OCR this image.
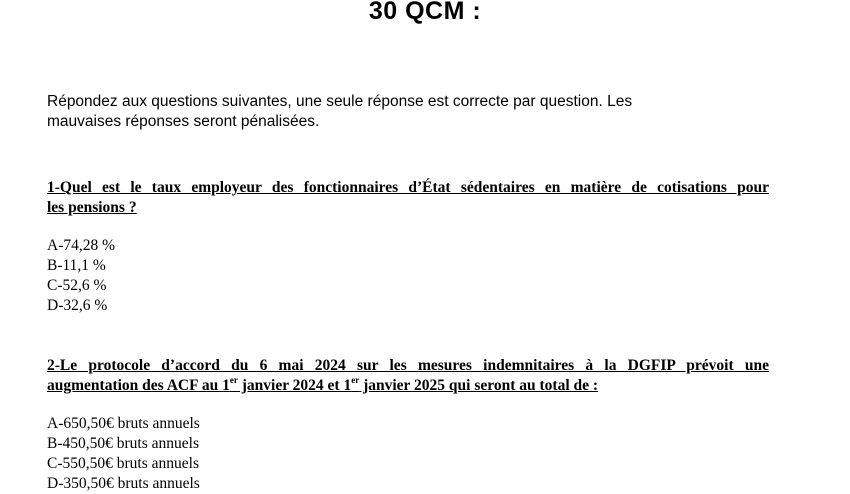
30 QCM :
Répondez aux questions suivantes, une seule réponse est correcte par question. Les
mauvaises réponses seront pénalisées.
1-Quel est le taux employeur des fonctionnaires d’État sédentaires en matière de cotisations pour
les pensions ?
A-74,28 %
B-11,1 %
C-52,6 %
D-32,6 %
2-Le protocole d’accord du 6 mai 2024 sur les mesures indemnitaires à la DGFIP prévoit une
augmentation des ACF au 1er janvier 2024 et 1er janvier 2025 qui seront au total de :
A-650,50€ bruts annuels
B-450,50€ bruts annuels
C-550,50€ bruts annuels
D-350,50€ bruts annuels
